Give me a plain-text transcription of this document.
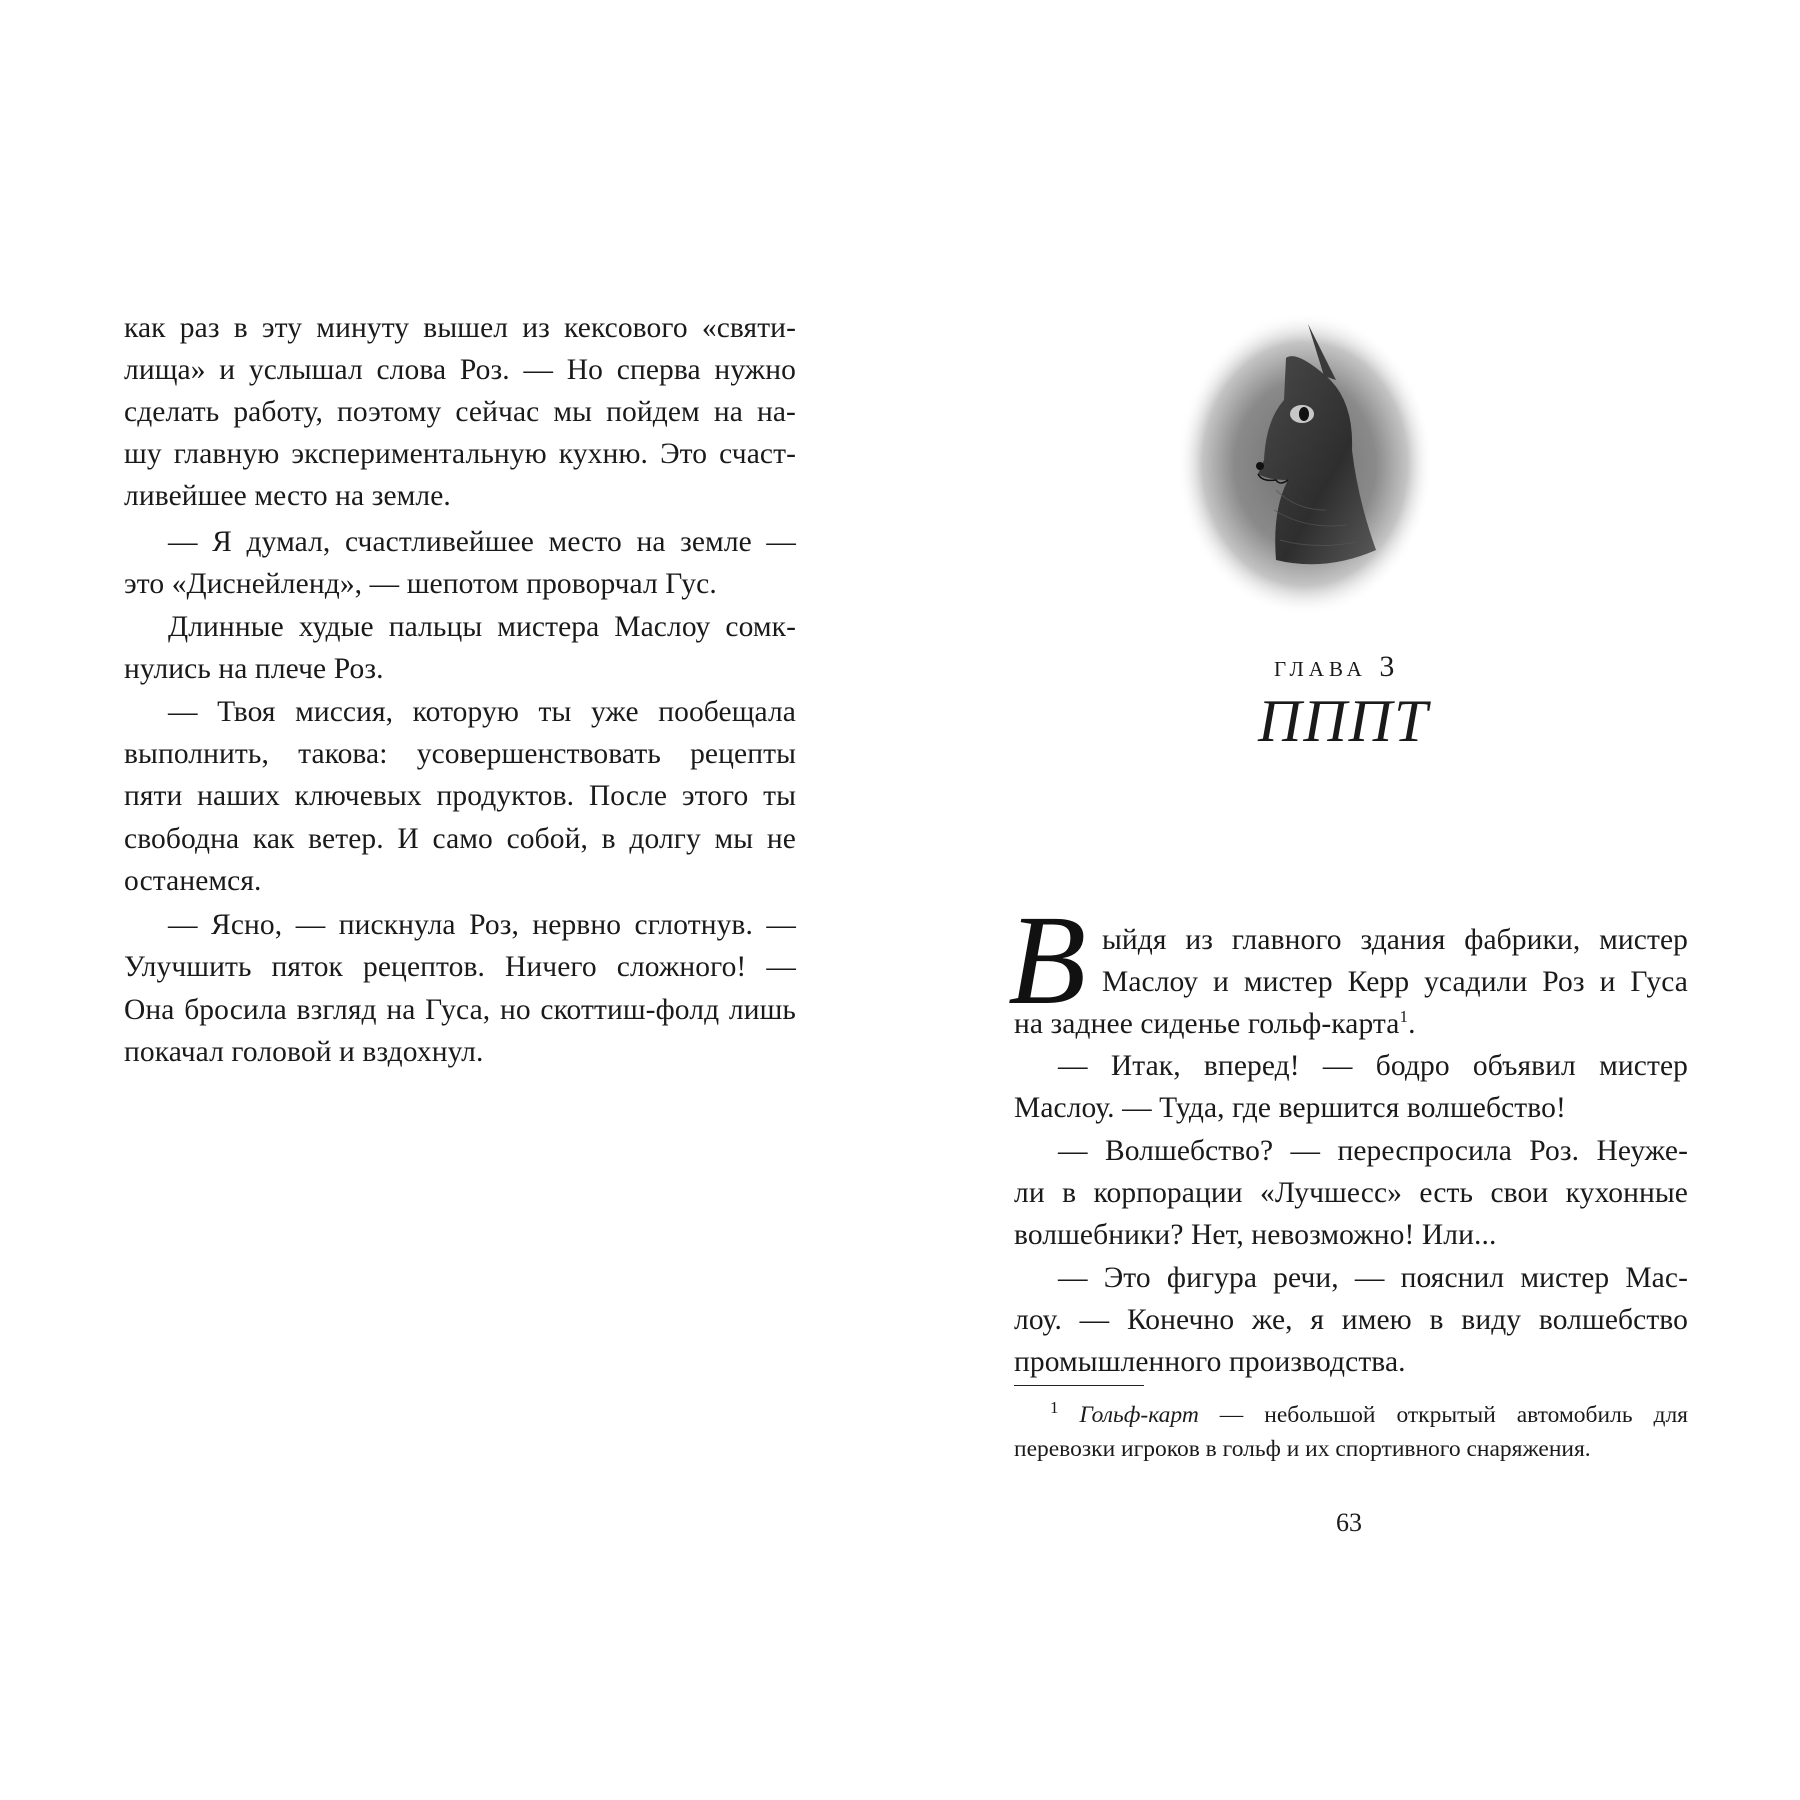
как раз в эту минуту вышел из кексового «святи-
лища» и услышал слова Роз. — Но сперва нужно
сделать работу, поэтому сейчас мы пойдем на на-
шу главную экспериментальную кухню. Это счаст-
ливейшее место на земле.
— Я думал, счастливейшее место на земле —
это «Диснейленд», — шепотом проворчал Гус.
Длинные худые пальцы мистера Маслоу сомк-
нулись на плече Роз.
— Твоя миссия, которую ты уже пообещала
выполнить, такова: усовершенствовать рецепты
пяти наших ключевых продуктов. После этого ты
свободна как ветер. И само собой, в долгу мы не
останемся.
— Ясно, — пискнула Роз, нервно сглотнув. —
Улучшить пяток рецептов. Ничего сложного! —
Она бросила взгляд на Гуса, но скоттиш-фолд лишь
покачал головой и вздохнул.
глава 3
ПППТ
В ыйдя из главного здания фабрики, мистер
Маслоу и мистер Керр усадили Роз и Гуса
на заднее сиденье гольф-карта$^1$.
— Итак, вперед! — бодро объявил мистер
Маслоу. — Туда, где вершится волшебство!
— Волшебство? — переспросила Роз. Неуже-
ли в корпорации «Лучшесс» есть свои кухонные
волшебники? Нет, невозможно! Или...
— Это фигура речи, — пояснил мистер Мас-
лоу. — Конечно же, я имею в виду волшебство
промышленного производства.
$^1$ Гольф-карт — небольшой открытый автомобиль для
перевозки игроков в гольф и их спортивного снаряжения.
63
